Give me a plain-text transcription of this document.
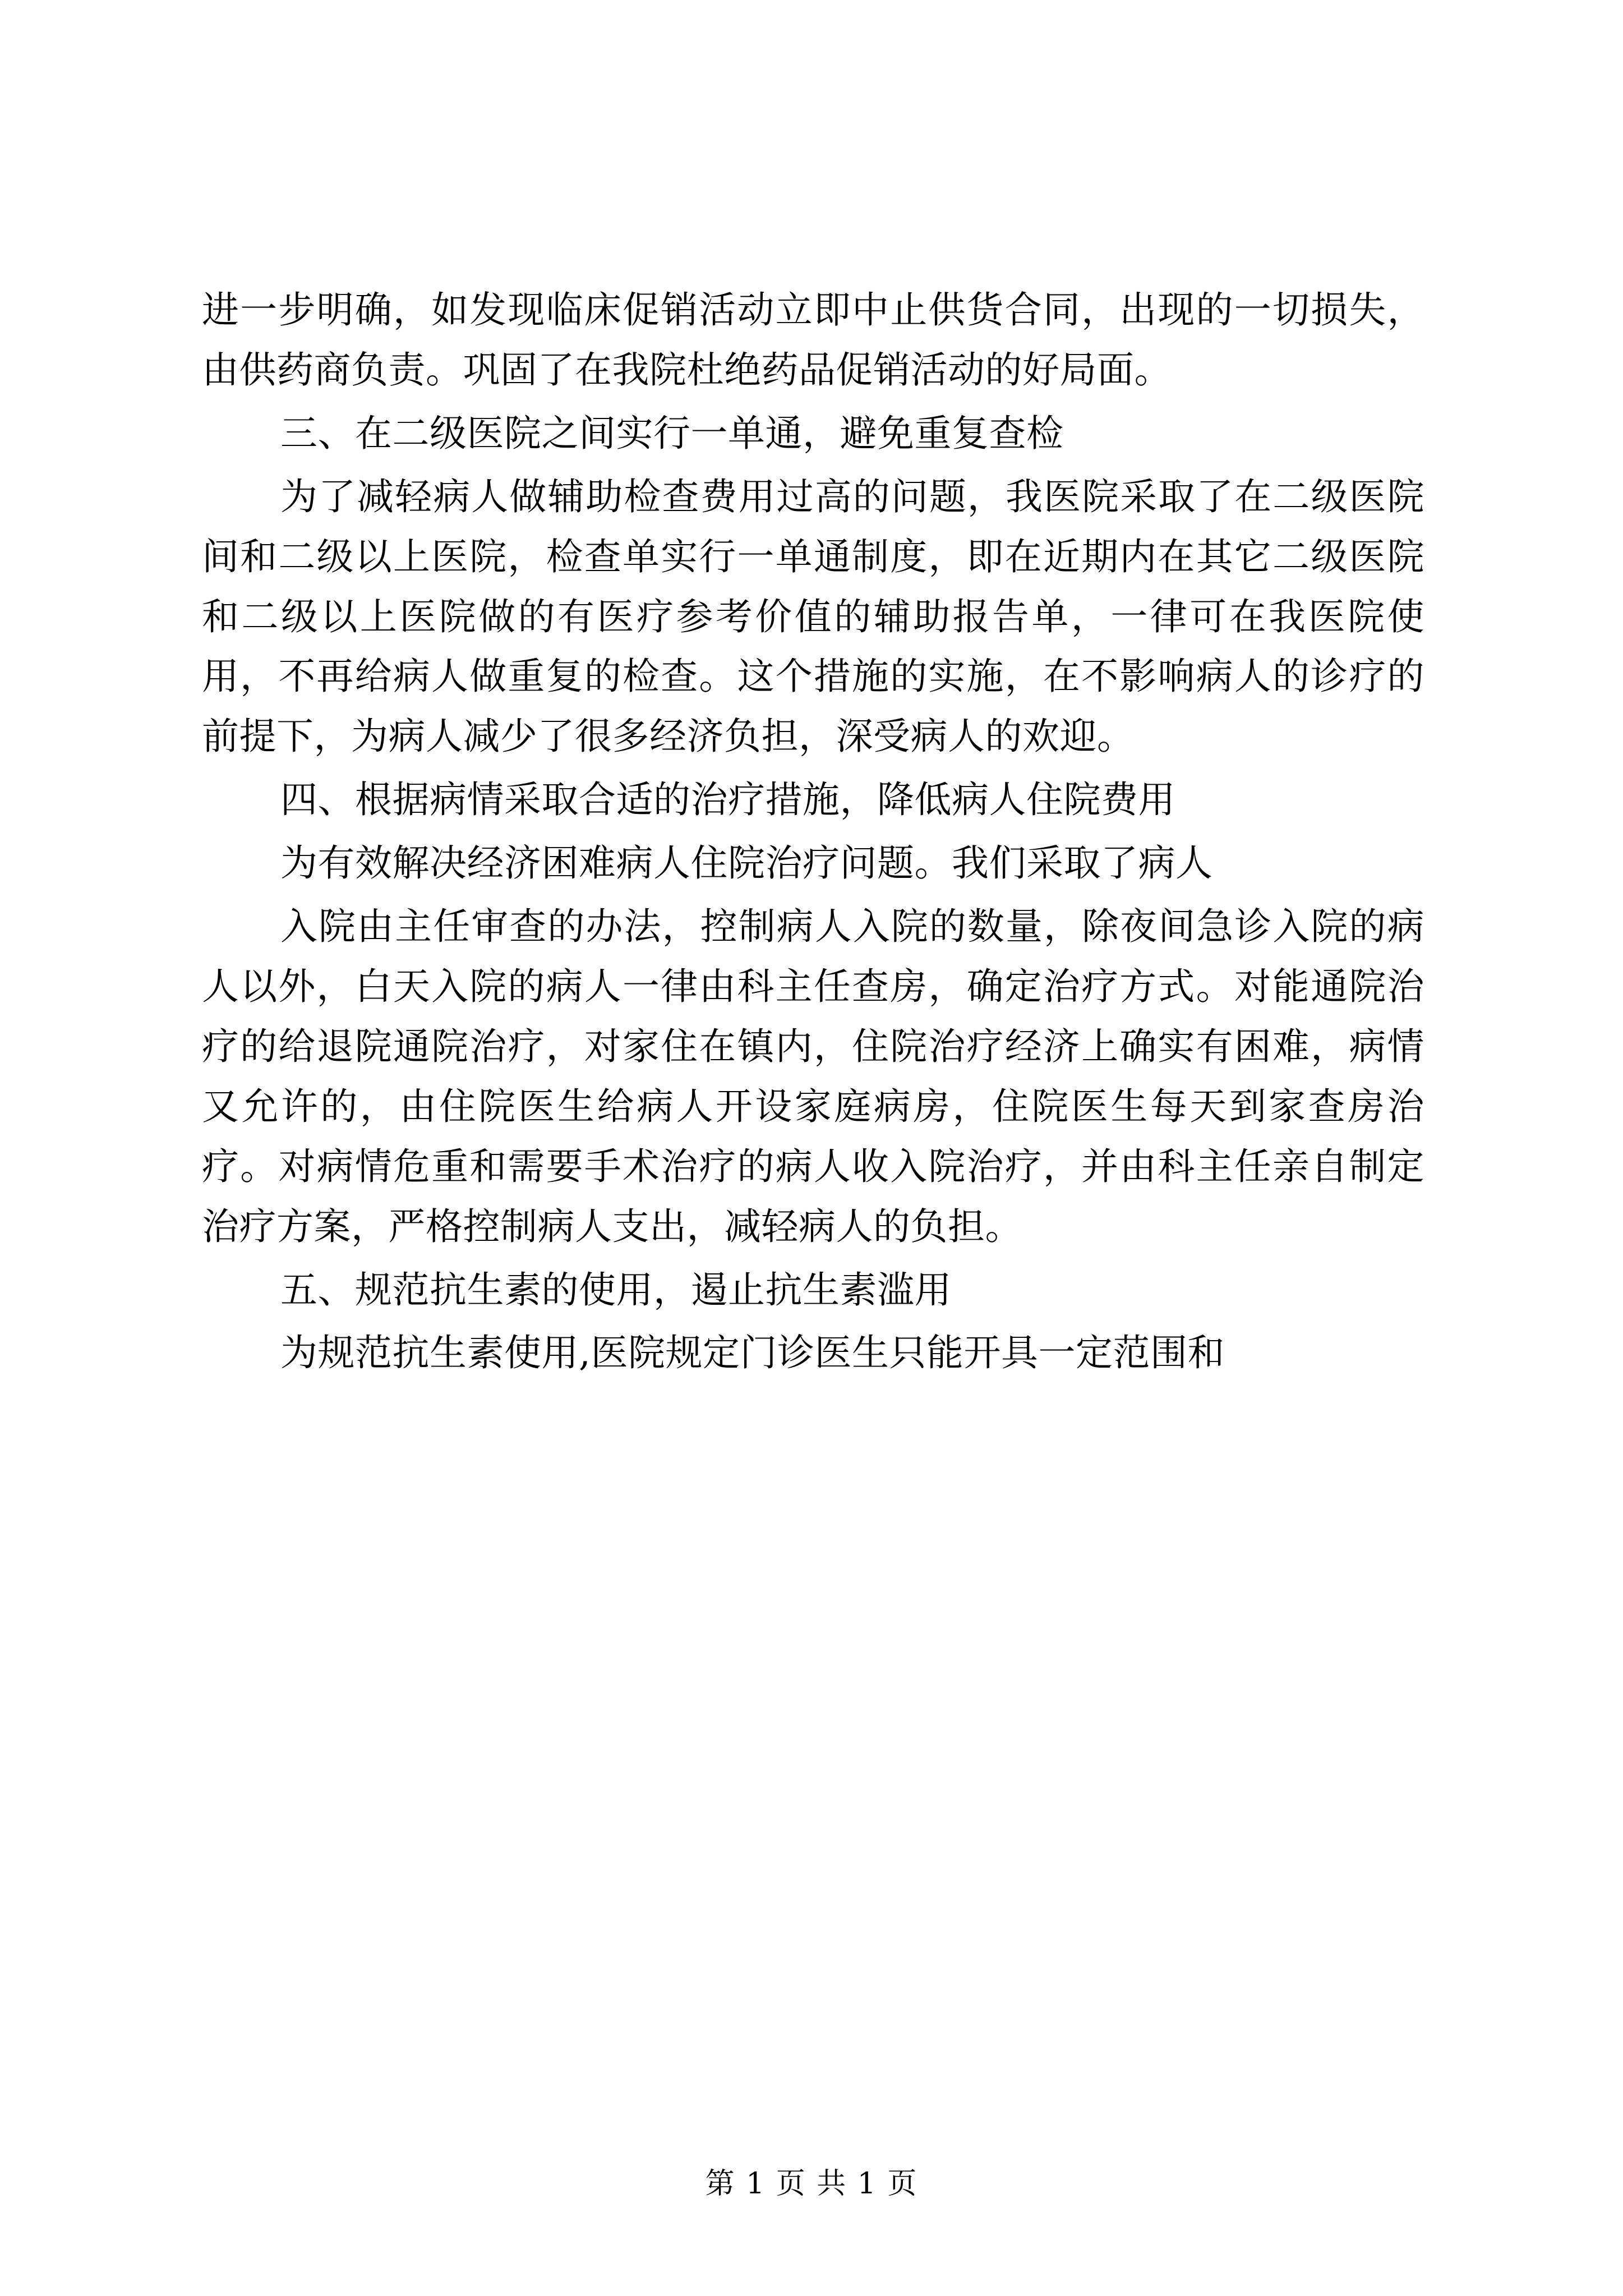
进一步明确，如发现临床促销活动立即中止供货合同，出现的一切损失，由供药商负责。巩固了在我院杜绝药品促销活动的好局面。

三、在二级医院之间实行一单通，避免重复查检

为了减轻病人做辅助检查费用过高的问题，我医院采取了在二级医院间和二级以上医院，检查单实行一单通制度，即在近期内在其它二级医院和二级以上医院做的有医疗参考价值的辅助报告单，一律可在我医院使用，不再给病人做重复的检查。这个措施的实施，在不影响病人的诊疗的前提下，为病人减少了很多经济负担，深受病人的欢迎。

四、根据病情采取合适的治疗措施，降低病人住院费用

为有效解决经济困难病人住院治疗问题。我们采取了病人

入院由主任审查的办法，控制病人入院的数量，除夜间急诊入院的病人以外，白天入院的病人一律由科主任查房，确定治疗方式。对能通院治疗的给退院通院治疗，对家住在镇内，住院治疗经济上确实有困难，病情又允许的，由住院医生给病人开设家庭病房，住院医生每天到家查房治疗。对病情危重和需要手术治疗的病人收入院治疗，并由科主任亲自制定治疗方案，严格控制病人支出，减轻病人的负担。

五、规范抗生素的使用，遏止抗生素滥用

为规范抗生素使用,医院规定门诊医生只能开具一定范围和

第 1 页 共 1 页
